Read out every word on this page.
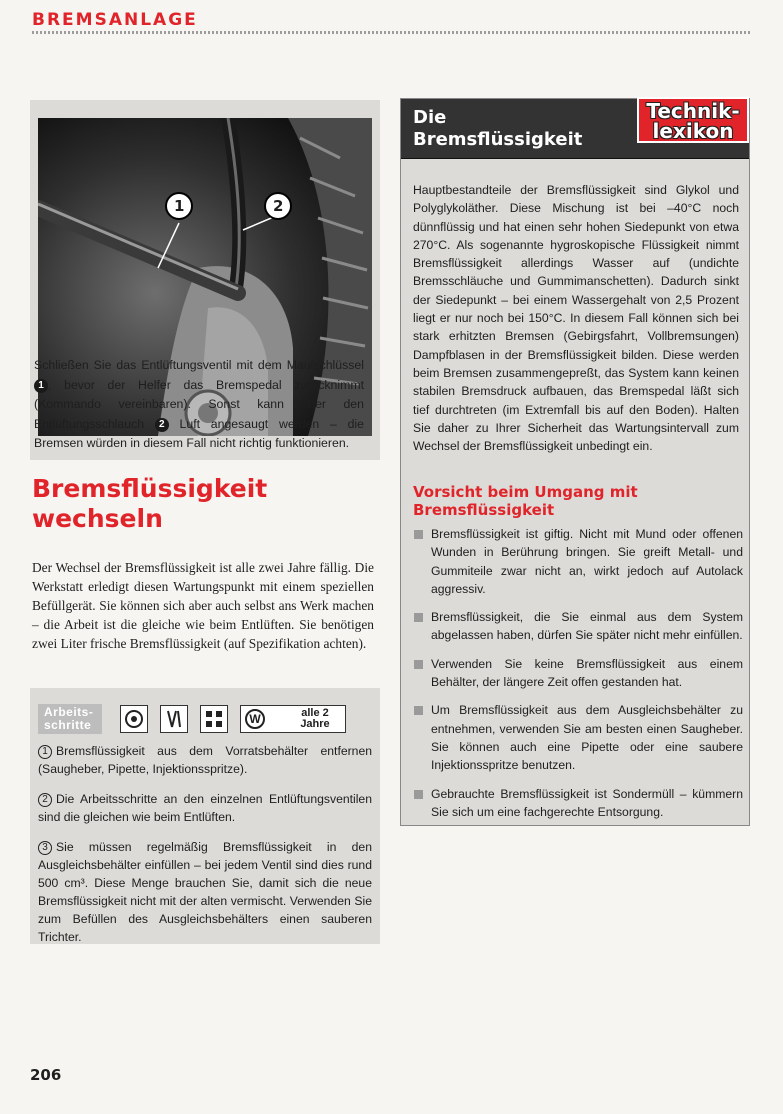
BREMSANLAGE
1	2
Schließen Sie das Entlüftungsventil mit dem Maulschlüssel 1 , bevor der Helfer das Bremspedal zurücknimmt (Kommando vereinbaren). Sonst kann über den Entlüftungsschlauch 2 Luft angesaugt werden – die Bremsen würden in diesem Fall nicht richtig funktionieren.
Bremsflüssigkeit
wechseln
Der Wechsel der Bremsflüssigkeit ist alle zwei Jahre fällig. Die Werkstatt erledigt diesen Wartungspunkt mit einem speziellen Befüllgerät. Sie können sich aber auch selbst ans Werk machen – die Arbeit ist die gleiche wie beim Entlüften. Sie benötigen zwei Liter frische Bremsflüssigkeit (auf Spezifikation achten).
Arbeits-
schritte	W	alle 2
Jahre
1 Bremsflüssigkeit aus dem Vorratsbehälter entfernen (Saugheber, Pipette, Injektionsspritze).
2 Die Arbeitsschritte an den einzelnen Entlüftungsventilen sind die gleichen wie beim Entlüften.
3 Sie müssen regelmäßig Bremsflüssigkeit in den Ausgleichsbehälter einfüllen – bei jedem Ventil sind dies rund 500 cm³. Diese Menge brauchen Sie, damit sich die neue Bremsflüssigkeit nicht mit der alten vermischt. Verwenden Sie zum Befüllen des Ausgleichsbehälters einen sauberen Trichter.
Die
Bremsflüssigkeit
Technik-
lexikon
Hauptbestandteile der Bremsflüssigkeit sind Glykol und Polyglykoläther. Diese Mischung ist bei –40°C noch dünnflüssig und hat einen sehr hohen Siedepunkt von etwa 270°C. Als sogenannte hygroskopische Flüssigkeit nimmt Bremsflüssigkeit allerdings Wasser auf (undichte Bremsschläuche und Gummimanschetten). Dadurch sinkt der Siedepunkt – bei einem Wassergehalt von 2,5 Prozent liegt er nur noch bei 150°C. In diesem Fall können sich bei stark erhitzten Bremsen (Gebirgsfahrt, Vollbremsungen) Dampfblasen in der Bremsflüssigkeit bilden. Diese werden beim Bremsen zusammengepreßt, das System kann keinen stabilen Bremsdruck aufbauen, das Bremspedal läßt sich tief durchtreten (im Extremfall bis auf den Boden). Halten Sie daher zu Ihrer Sicherheit das Wartungsintervall zum Wechsel der Bremsflüssigkeit unbedingt ein.
Vorsicht beim Umgang mit
Bremsflüssigkeit
Bremsflüssigkeit ist giftig. Nicht mit Mund oder offenen Wunden in Berührung bringen. Sie greift Metall- und Gummiteile zwar nicht an, wirkt jedoch auf Autolack aggressiv.
Bremsflüssigkeit, die Sie einmal aus dem System abgelassen haben, dürfen Sie später nicht mehr einfüllen.
Verwenden Sie keine Bremsflüssigkeit aus einem Behälter, der längere Zeit offen gestanden hat.
Um Bremsflüssigkeit aus dem Ausgleichsbehälter zu entnehmen, verwenden Sie am besten einen Saugheber. Sie können auch eine Pipette oder eine saubere Injektionsspritze benutzen.
Gebrauchte Bremsflüssigkeit ist Sondermüll – kümmern Sie sich um eine fachgerechte Entsorgung.
206
